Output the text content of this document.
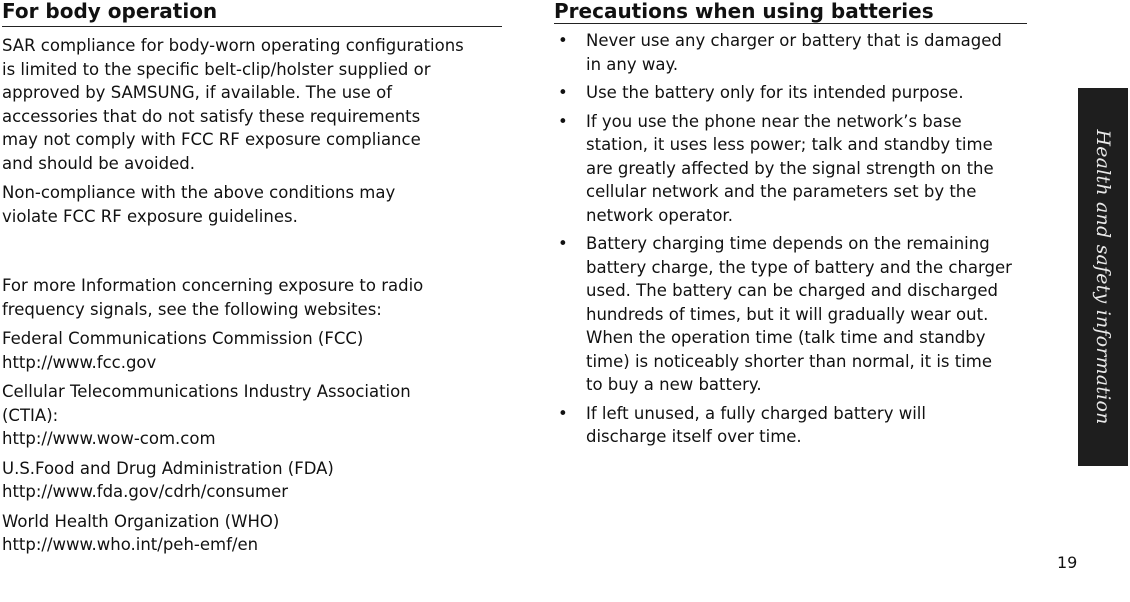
For body operation

SAR compliance for body-worn operating configurations
is limited to the specific belt-clip/holster supplied or
approved by SAMSUNG, if available. The use of
accessories that do not satisfy these requirements
may not comply with FCC RF exposure compliance
and should be avoided.

Non-compliance with the above conditions may
violate FCC RF exposure guidelines.

For more Information concerning exposure to radio
frequency signals, see the following websites:

Federal Communications Commission (FCC)
http://www.fcc.gov

Cellular Telecommunications Industry Association
(CTIA):
http://www.wow-com.com

U.S.Food and Drug Administration (FDA)
http://www.fda.gov/cdrh/consumer

World Health Organization (WHO)
http://www.who.int/peh-emf/en

Precautions when using batteries
• Never use any charger or battery that is damaged
in any way.
• Use the battery only for its intended purpose.
• If you use the phone near the network’s base
station, it uses less power; talk and standby time
are greatly affected by the signal strength on the
cellular network and the parameters set by the
network operator.
• Battery charging time depends on the remaining
battery charge, the type of battery and the charger
used. The battery can be charged and discharged
hundreds of times, but it will gradually wear out.
When the operation time (talk time and standby
time) is noticeably shorter than normal, it is time
to buy a new battery.
• If left unused, a fully charged battery will
discharge itself over time.
Health and safety information
19
